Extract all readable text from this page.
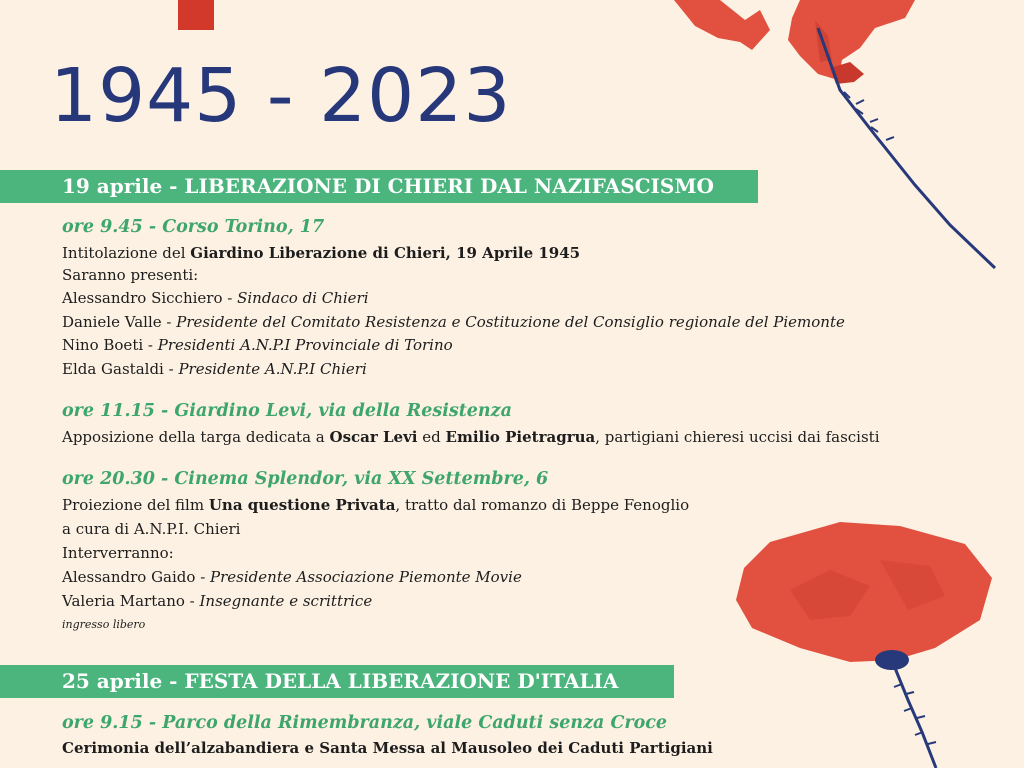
1945 - 2023
19 aprile - LIBERAZIONE DI CHIERI DAL NAZIFASCISMO
ore 9.45 - Corso Torino, 17
Intitolazione del Giardino Liberazione di Chieri, 19 Aprile 1945
Saranno presenti:
Alessandro Sicchiero - Sindaco di Chieri
Daniele Valle - Presidente del Comitato Resistenza e Costituzione del Consiglio regionale del Piemonte
Nino Boeti - Presidenti A.N.P.I Provinciale di Torino
Elda Gastaldi - Presidente A.N.P.I Chieri
ore 11.15 - Giardino Levi, via della Resistenza
Apposizione della targa dedicata a Oscar Levi ed Emilio Pietragrua, partigiani chieresi uccisi dai fascisti
ore 20.30 - Cinema Splendor, via XX Settembre, 6
Proiezione del film Una questione Privata, tratto dal romanzo di Beppe Fenoglio
a cura di A.N.P.I. Chieri
Interverranno:
Alessandro Gaido - Presidente Associazione Piemonte Movie
Valeria Martano - Insegnante e scrittrice
ingresso libero
25 aprile - FESTA DELLA LIBERAZIONE D'ITALIA
ore 9.15 - Parco della Rimembranza, viale Caduti senza Croce
Cerimonia dell’alzabandiera e Santa Messa al Mausoleo dei Caduti Partigiani
